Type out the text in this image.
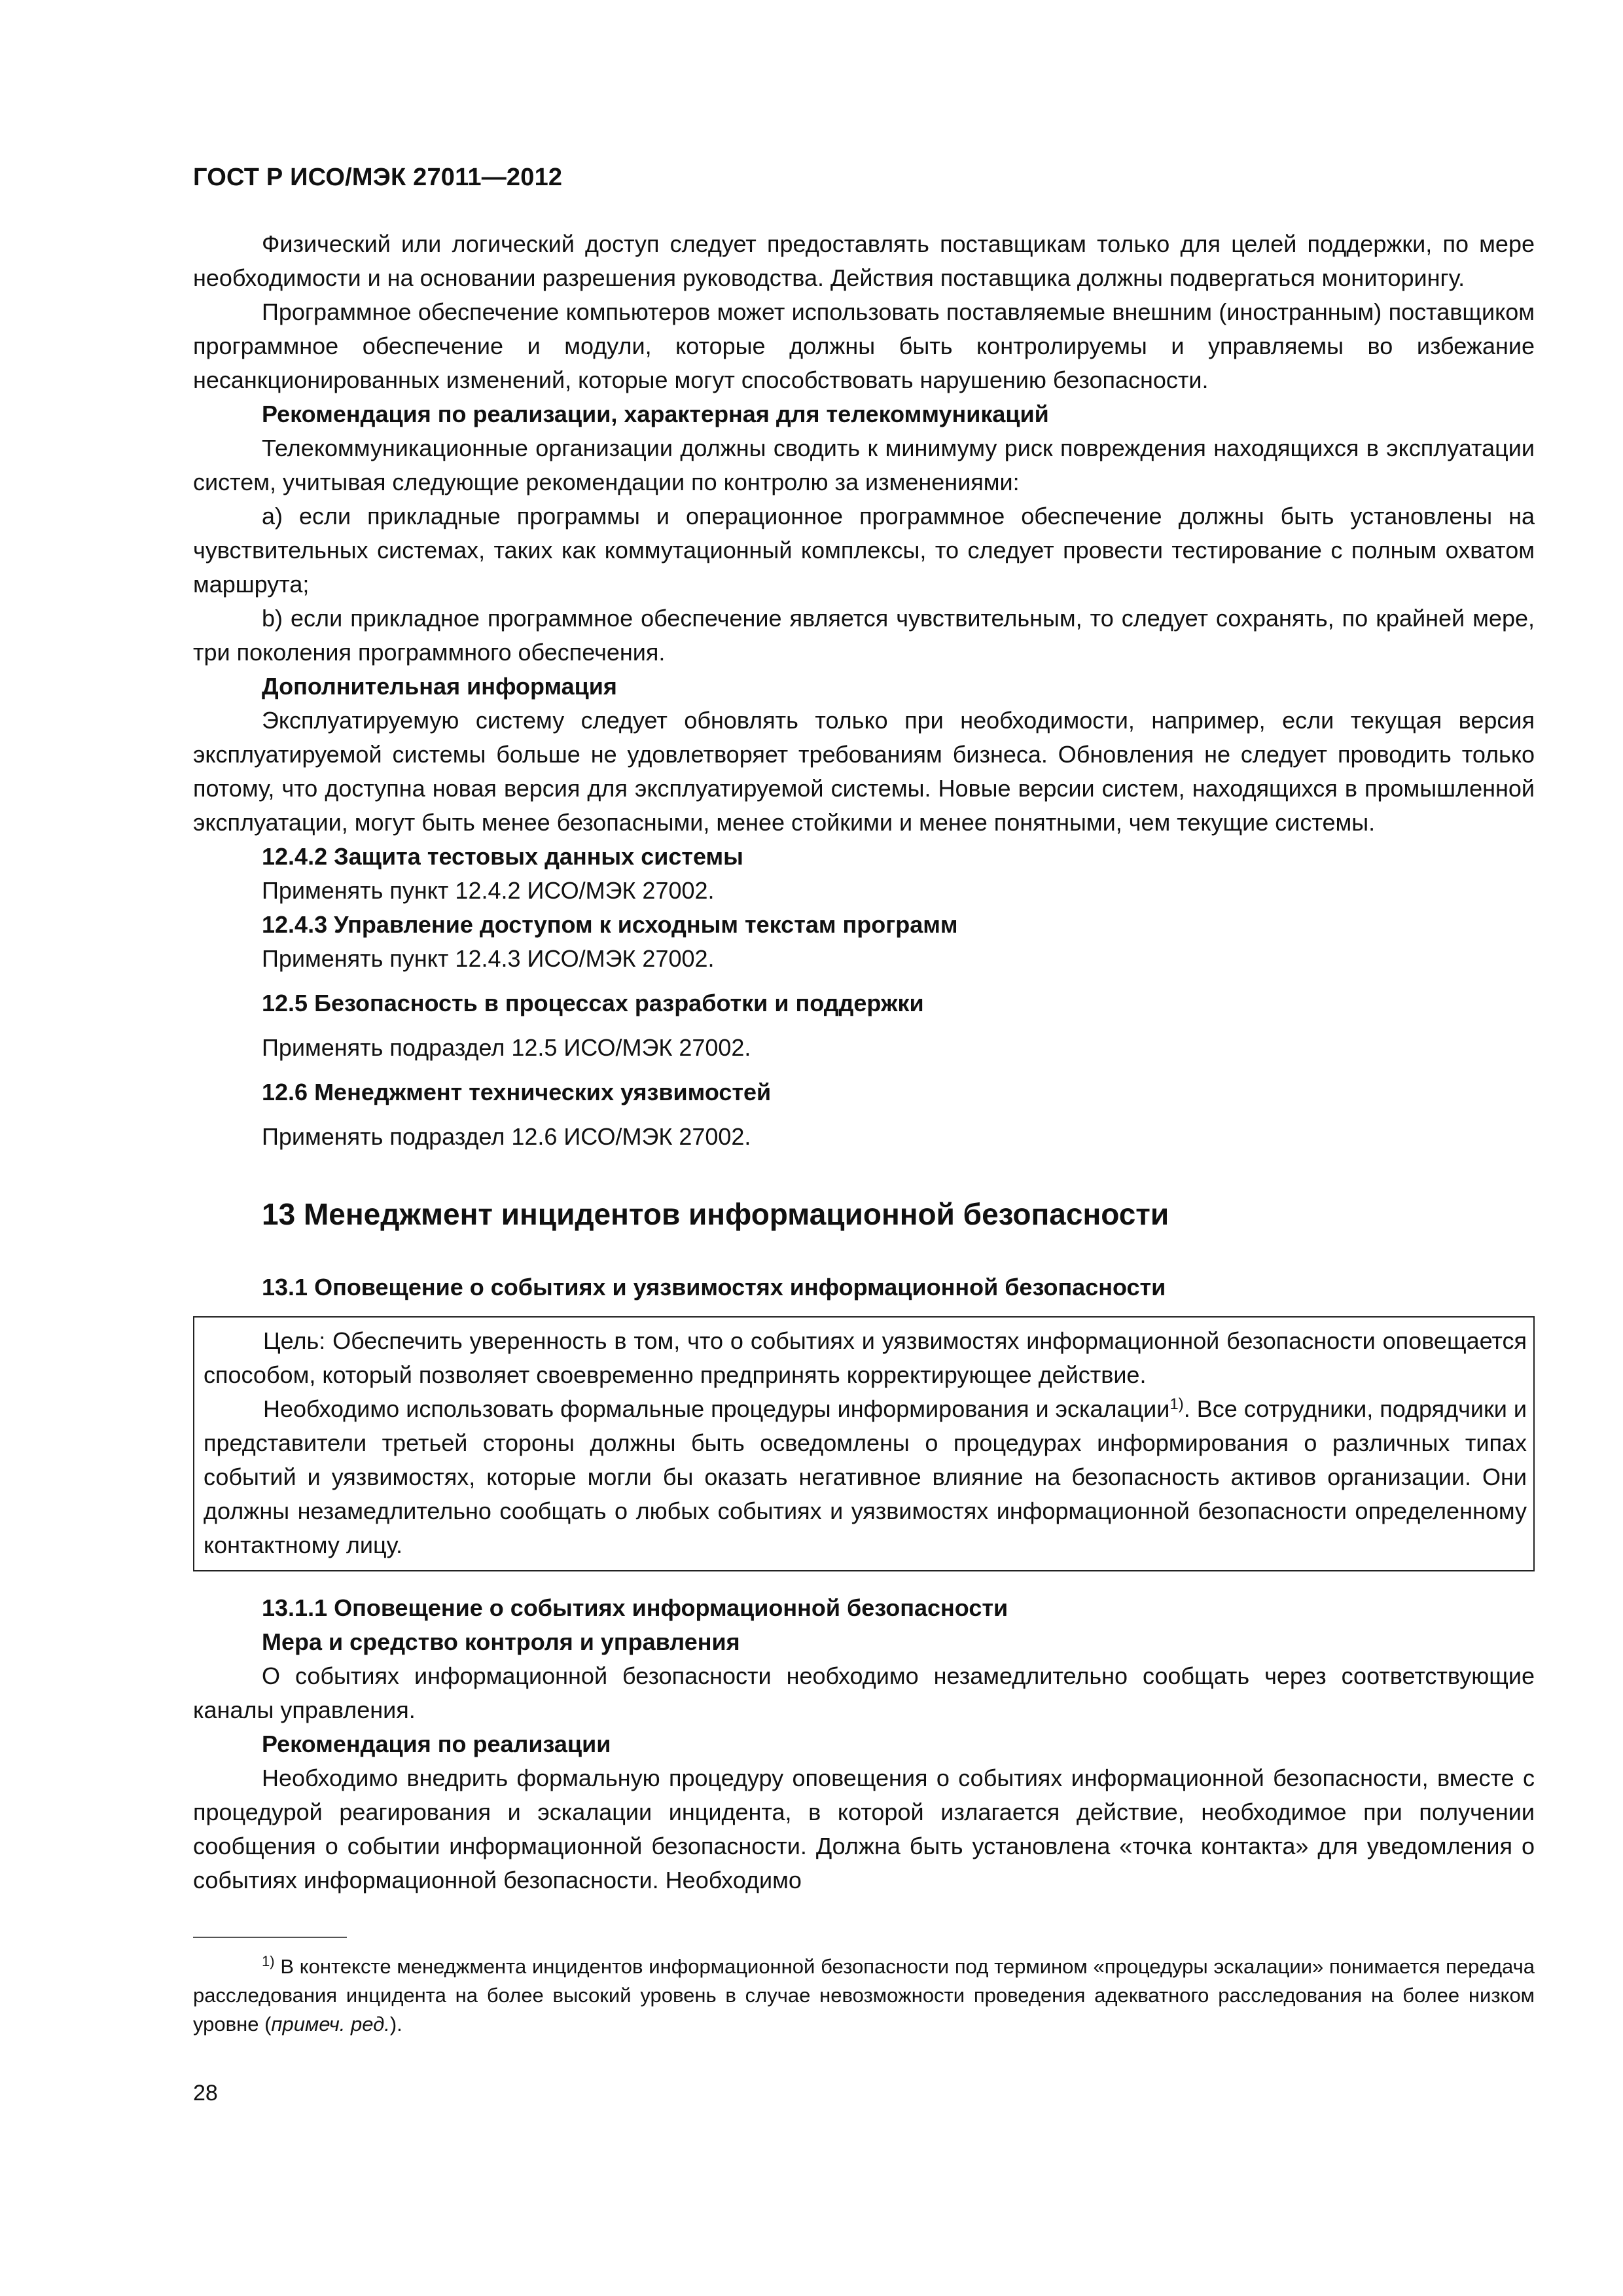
ГОСТ Р ИСО/МЭК 27011—2012

Физический или логический доступ следует предоставлять поставщикам только для целей поддержки, по мере необходимости и на основании разрешения руководства. Действия поставщика должны подвергаться мониторингу.

Программное обеспечение компьютеров может использовать поставляемые внешним (иностранным) поставщиком программное обеспечение и модули, которые должны быть контролируемы и управляемы во избежание несанкционированных изменений, которые могут способствовать нарушению безопасности.

Рекомендация по реализации, характерная для телекоммуникаций

Телекоммуникационные организации должны сводить к минимуму риск повреждения находящихся в эксплуатации систем, учитывая следующие рекомендации по контролю за изменениями:

a) если прикладные программы и операционное программное обеспечение должны быть установлены на чувствительных системах, таких как коммутационный комплексы, то следует провести тестирование с полным охватом маршрута;

b) если прикладное программное обеспечение является чувствительным, то следует сохранять, по крайней мере, три поколения программного обеспечения.

Дополнительная информация

Эксплуатируемую систему следует обновлять только при необходимости, например, если текущая версия эксплуатируемой системы больше не удовлетворяет требованиям бизнеса. Обновления не следует проводить только потому, что доступна новая версия для эксплуатируемой системы. Новые версии систем, находящихся в промышленной эксплуатации, могут быть менее безопасными, менее стойкими и менее понятными, чем текущие системы.

12.4.2 Защита тестовых данных системы

Применять пункт 12.4.2 ИСО/МЭК 27002.

12.4.3 Управление доступом к исходным текстам программ

Применять пункт 12.4.3 ИСО/МЭК 27002.

12.5 Безопасность в процессах разработки и поддержки

Применять подраздел 12.5 ИСО/МЭК 27002.

12.6 Менеджмент технических уязвимостей

Применять подраздел 12.6 ИСО/МЭК 27002.

13 Менеджмент инцидентов информационной безопасности

13.1 Оповещение о событиях и уязвимостях информационной безопасности

Цель: Обеспечить уверенность в том, что о событиях и уязвимостях информационной безопасности оповещается способом, который позволяет своевременно предпринять корректирующее действие.

Необходимо использовать формальные процедуры информирования и эскалации$^{1)}$. Все сотрудники, подрядчики и представители третьей стороны должны быть осведомлены о процедурах информирования о различных типах событий и уязвимостях, которые могли бы оказать негативное влияние на безопасность активов организации. Они должны незамедлительно сообщать о любых событиях и уязвимостях информационной безопасности определенному контактному лицу.

13.1.1 Оповещение о событиях информационной безопасности

Мера и средство контроля и управления

О событиях информационной безопасности необходимо незамедлительно сообщать через соответствующие каналы управления.

Рекомендация по реализации

Необходимо внедрить формальную процедуру оповещения о событиях информационной безопасности, вместе с процедурой реагирования и эскалации инцидента, в которой излагается действие, необходимое при получении сообщения о событии информационной безопасности. Должна быть установлена «точка контакта» для уведомления о событиях информационной безопасности. Необходимо

$^{1)}$ В контексте менеджмента инцидентов информационной безопасности под термином «процедуры эскалации» понимается передача расследования инцидента на более высокий уровень в случае невозможности проведения адекватного расследования на более низком уровне (примеч. ред.).

28
